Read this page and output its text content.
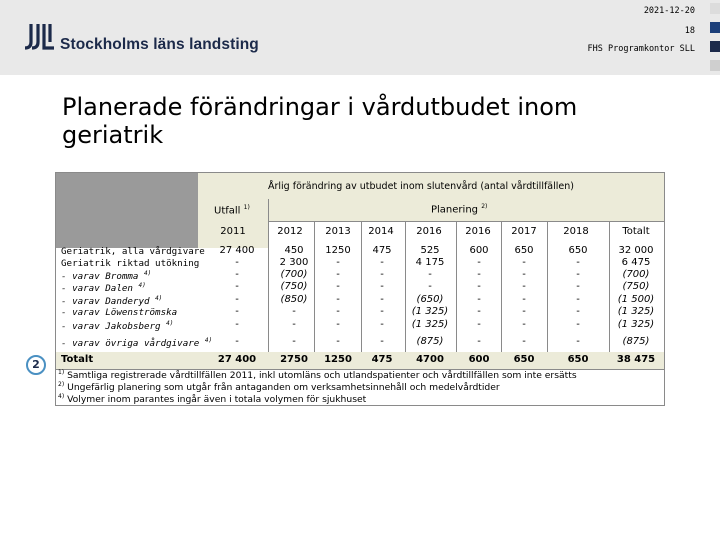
Stockholms läns landsting
2021-12-20
18
FHS Programkontor SLL
Planerade förändringar i vårdutbudet inom geriatrik
Årlig förändring av utbudet inom slutenvård (antal vårdtillfällen)
Utfall $^{1)}$	Planering $^{2)}$
2011	2012	2013	2014	2016	2016	2017	2018	Totalt
Geriatrik, alla vårdgivare	27 400	450	1250	475	525	600	650	650	32 000
Geriatrik riktad utökning	-	2 300	-	-	4 175	-	-	-	6 475
- varav Bromma $^{4)}$	-	(700)	-	-	-	-	-	-	(700)
- varav Dalen $^{4)}$	-	(750)	-	-	-	-	-	-	(750)
- varav Danderyd $^{4)}$	-	(850)	-	-	(650)	-	-	-	(1 500)
- varav Löwenströmska	-	-	-	-	(1 325)	-	-	-	(1 325)
- varav Jakobsberg $^{4)}$	-	-	-	-	(1 325)	-	-	-	(1 325)
- varav övriga vårdgivare $^{4)}$	-	-	-	-	(875)	-	-	-	(875)
Totalt	27 400	2750	1250	475	4700	600	650	650	38 475
$^{1)}$ Samtliga registrerade vårdtillfällen 2011, inkl utomläns och utlandspatienter och vårdtillfällen som inte ersätts
$^{2)}$ Ungefärlig planering som utgår från antaganden om verksamhetsinnehåll och medelvårdtider
$^{4)}$ Volymer inom parantes ingår även i totala volymen för sjukhuset
2
